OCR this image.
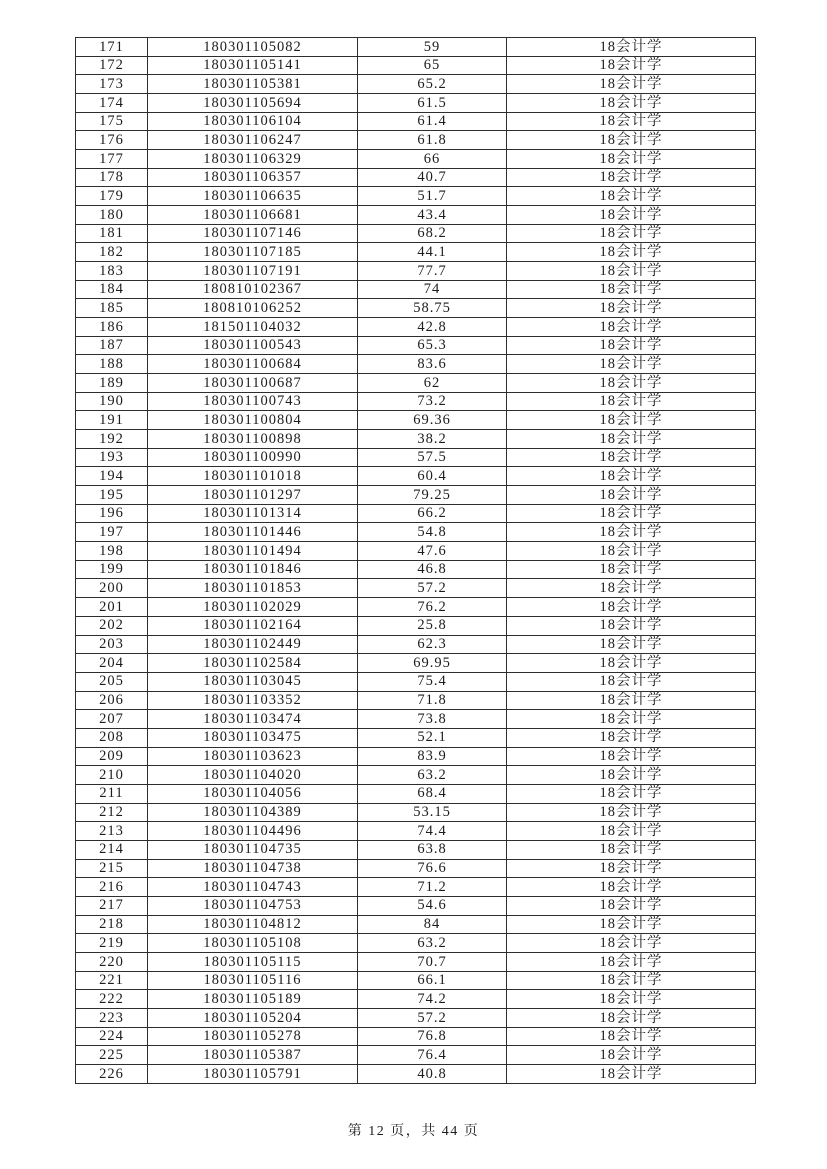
171	180301105082	59	18会计学
172	180301105141	65	18会计学
173	180301105381	65.2	18会计学
174	180301105694	61.5	18会计学
175	180301106104	61.4	18会计学
176	180301106247	61.8	18会计学
177	180301106329	66	18会计学
178	180301106357	40.7	18会计学
179	180301106635	51.7	18会计学
180	180301106681	43.4	18会计学
181	180301107146	68.2	18会计学
182	180301107185	44.1	18会计学
183	180301107191	77.7	18会计学
184	180810102367	74	18会计学
185	180810106252	58.75	18会计学
186	181501104032	42.8	18会计学
187	180301100543	65.3	18会计学
188	180301100684	83.6	18会计学
189	180301100687	62	18会计学
190	180301100743	73.2	18会计学
191	180301100804	69.36	18会计学
192	180301100898	38.2	18会计学
193	180301100990	57.5	18会计学
194	180301101018	60.4	18会计学
195	180301101297	79.25	18会计学
196	180301101314	66.2	18会计学
197	180301101446	54.8	18会计学
198	180301101494	47.6	18会计学
199	180301101846	46.8	18会计学
200	180301101853	57.2	18会计学
201	180301102029	76.2	18会计学
202	180301102164	25.8	18会计学
203	180301102449	62.3	18会计学
204	180301102584	69.95	18会计学
205	180301103045	75.4	18会计学
206	180301103352	71.8	18会计学
207	180301103474	73.8	18会计学
208	180301103475	52.1	18会计学
209	180301103623	83.9	18会计学
210	180301104020	63.2	18会计学
211	180301104056	68.4	18会计学
212	180301104389	53.15	18会计学
213	180301104496	74.4	18会计学
214	180301104735	63.8	18会计学
215	180301104738	76.6	18会计学
216	180301104743	71.2	18会计学
217	180301104753	54.6	18会计学
218	180301104812	84	18会计学
219	180301105108	63.2	18会计学
220	180301105115	70.7	18会计学
221	180301105116	66.1	18会计学
222	180301105189	74.2	18会计学
223	180301105204	57.2	18会计学
224	180301105278	76.8	18会计学
225	180301105387	76.4	18会计学
226	180301105791	40.8	18会计学
第 12 页，共 44 页
